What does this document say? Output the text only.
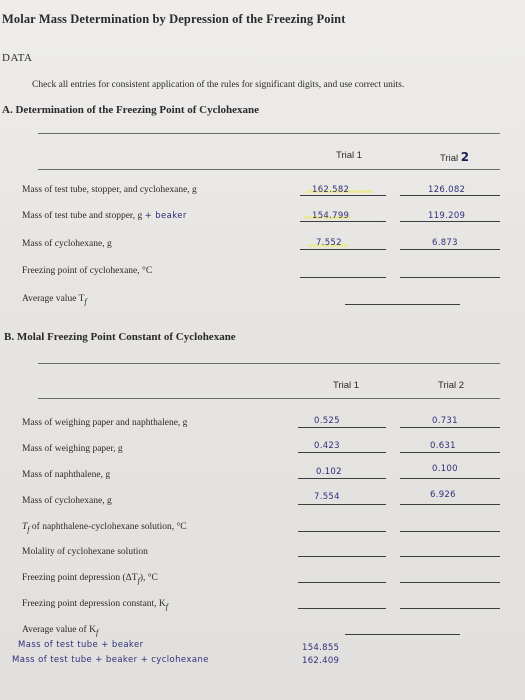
Molar Mass Determination by Depression of the Freezing Point
DATA
Check all entries for consistent application of the rules for significant digits, and use correct units.
A. Determination of the Freezing Point of Cyclohexane
Trial 1	Trial 2
Mass of test tube, stopper, and cyclohexane, g	162.582	126.082
Mass of test tube and stopper, g + beaker	154.799	119.209
Mass of cyclohexane, g	7.552	6.873
Freezing point of cyclohexane, °C
Average value $T_f$
B. Molal Freezing Point Constant of Cyclohexane
Trial 1	Trial 2
Mass of weighing paper and naphthalene, g	0.525	0.731
Mass of weighing paper, g	0.423	0.631
Mass of naphthalene, g	0.102	0.100
Mass of cyclohexane, g	7.554	6.926
$T_f$ of naphthalene-cyclohexane solution, °C
Molality of cyclohexane solution
Freezing point depression $(\Delta T_f)$, °C
Freezing point depression constant, $K_f$
Average value of $K_f$
Mass of test tube + beaker	154.855
Mass of test tube + beaker + cyclohexane	162.409
